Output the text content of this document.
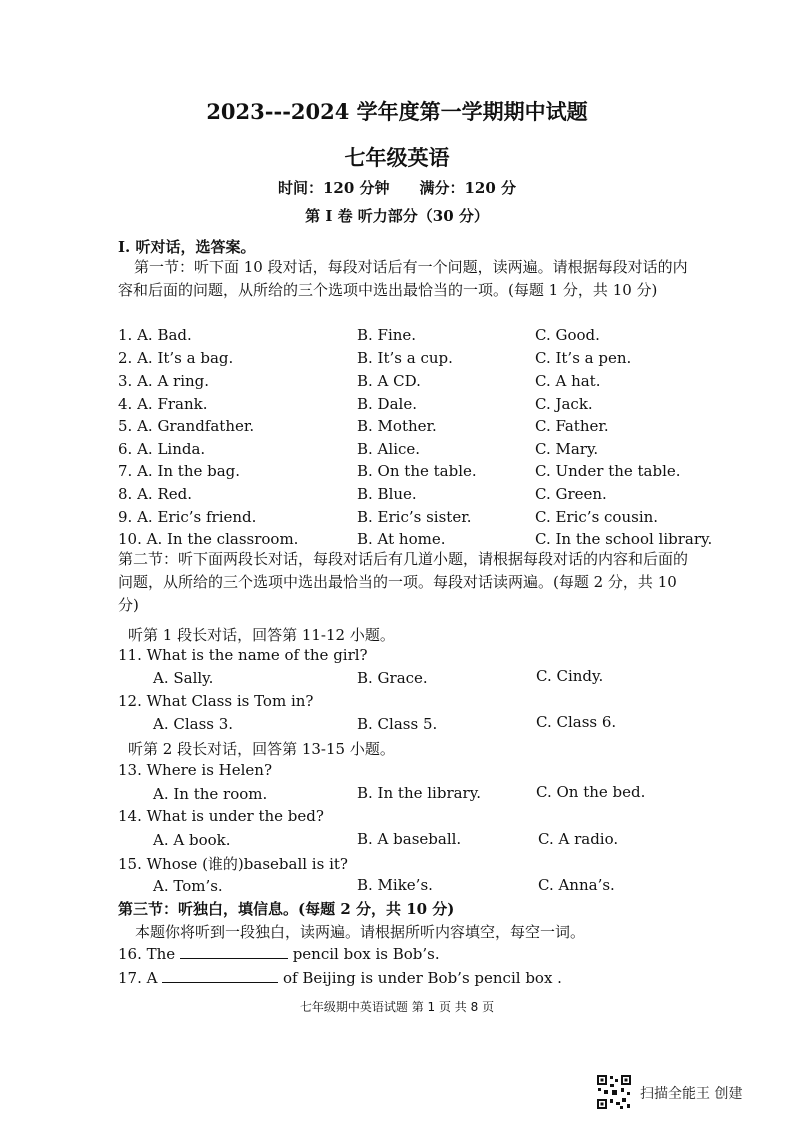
2023---2024 学年度第一学期期中试题
七年级英语
时间：120 分钟　　满分：120 分
第 I 卷 听力部分（30 分）
I. 听对话，选答案。
第一节：听下面 10 段对话，每段对话后有一个问题，读两遍。请根据每段对话的内容和后面的问题，从所给的三个选项中选出最恰当的一项。(每题 1 分，共 10 分)
1. A. Bad.	B. Fine.	C. Good.
2. A. It’s a bag.	B. It’s a cup.	C. It’s a pen.
3. A. A ring.	B. A CD.	C. A hat.
4. A. Frank.	B. Dale.	C. Jack.
5. A. Grandfather.	B. Mother.	C. Father.
6. A. Linda.	B. Alice.	C. Mary.
7. A. In the bag.	B. On the table.	C. Under the table.
8. A. Red.	B. Blue.	C. Green.
9. A. Eric’s friend.	B. Eric’s sister.	C. Eric’s cousin.
10. A. In the classroom.	B. At home.	C. In the school library.
第二节：听下面两段长对话，每段对话后有几道小题，请根据每段对话的内容和后面的问题，从所给的三个选项中选出最恰当的一项。每段对话读两遍。(每题 2 分，共 10 分)
听第 1 段长对话，回答第 11-12 小题。
11. What is the name of the girl?
A. Sally.	B. Grace.	C. Cindy.
12. What Class is Tom in?
A. Class 3.	B. Class 5.	C. Class 6.
听第 2 段长对话，回答第 13-15 小题。
13. Where is Helen?
A. In the room.	B. In the library.	C. On the bed.
14. What is under the bed?
A. A book.	B. A baseball.	C. A radio.
15. Whose (谁的)baseball is it?
A. Tom’s.	B. Mike’s.	C. Anna’s.
第三节：听独白，填信息。(每题 2 分，共 10 分)
本题你将听到一段独白，读两遍。请根据所听内容填空，每空一词。
16. The	pencil box is Bob’s.
17. A	of Beijing is under Bob’s pencil box .
七年级期中英语试题 第 1 页 共 8 页
扫描全能王 创建
